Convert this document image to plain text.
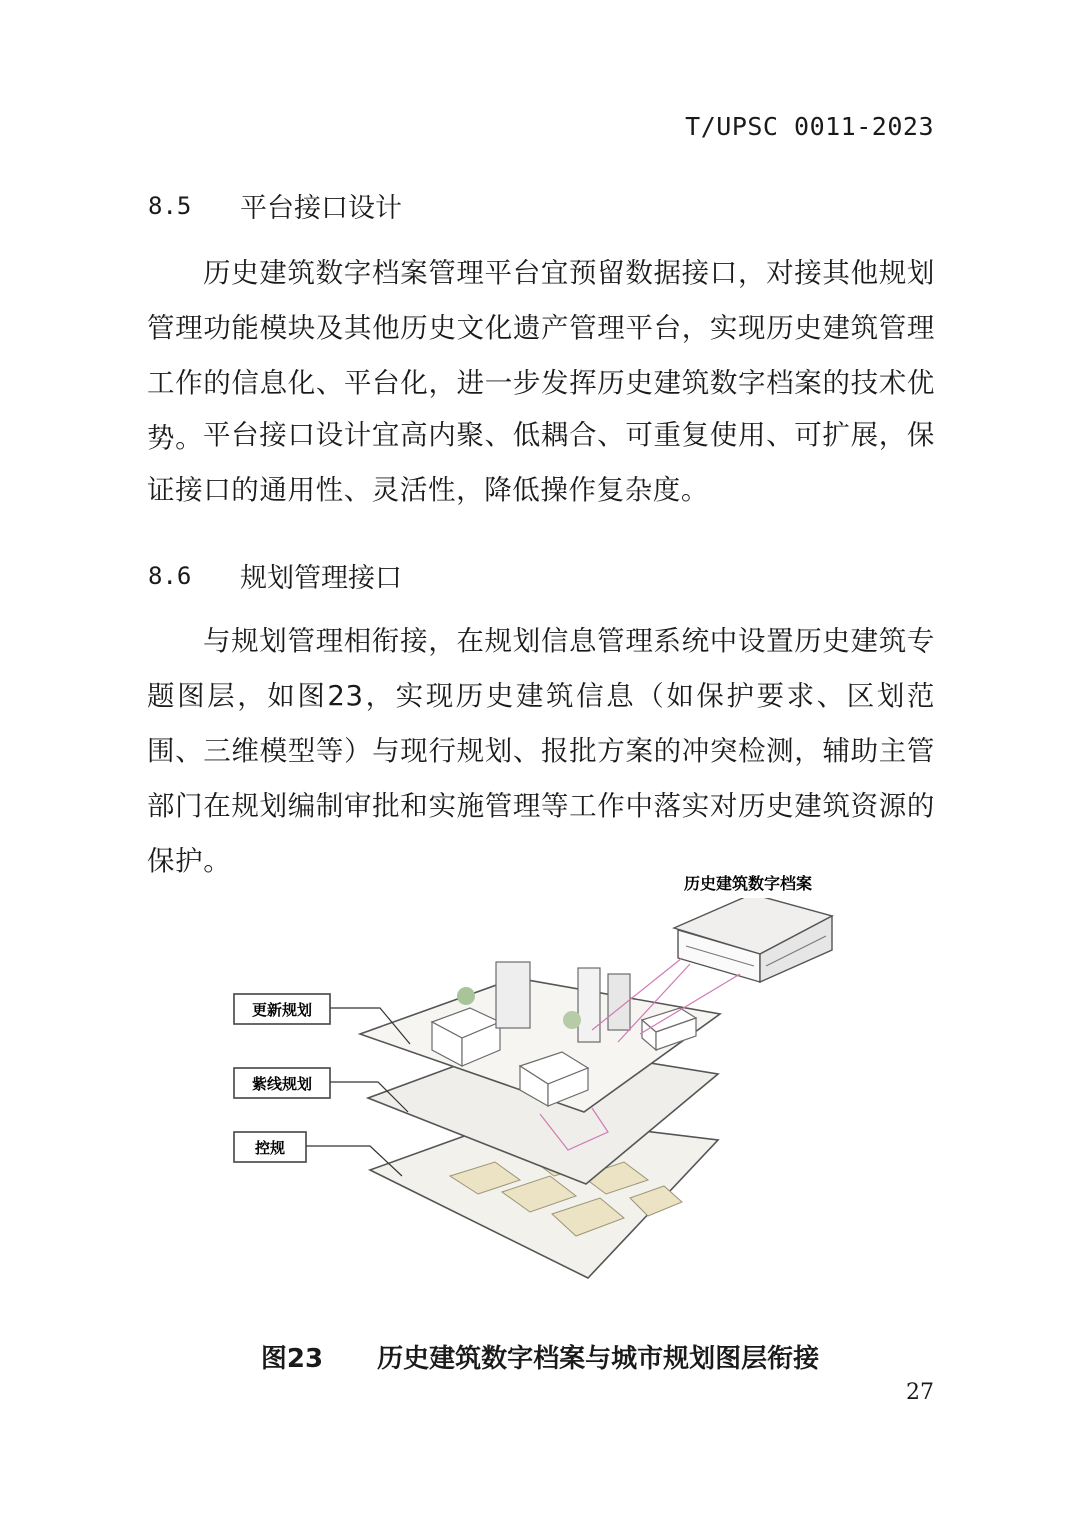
T/UPSC 0011-2023
8.5	平台接口设计

历史建筑数字档案管理平台宜预留数据接口，对接其他规划管理功能模块及其他历史文化遗产管理平台，实现历史建筑管理工作的信息化、平台化，进一步发挥历史建筑数字档案的技术优势。 平台接口设计宜高内聚、低耦合、可重复使用、可扩展，保证接口的通用性、灵活性，降低操作复杂度。

8.6	规划管理接口

与规划管理相衔接，在规划信息管理系统中设置历史建筑专题图层，如图23，实现历史建筑信息（如保护要求、区划范围、三维模型等）与现行规划、报批方案的冲突检测，辅助主管部门在规划编制审批和实施管理等工作中落实对历史建筑资源的保护。

更新规划
紫线规划
控规
历史建筑数字档案
图23 历史建筑数字档案与城市规划图层衔接
27
